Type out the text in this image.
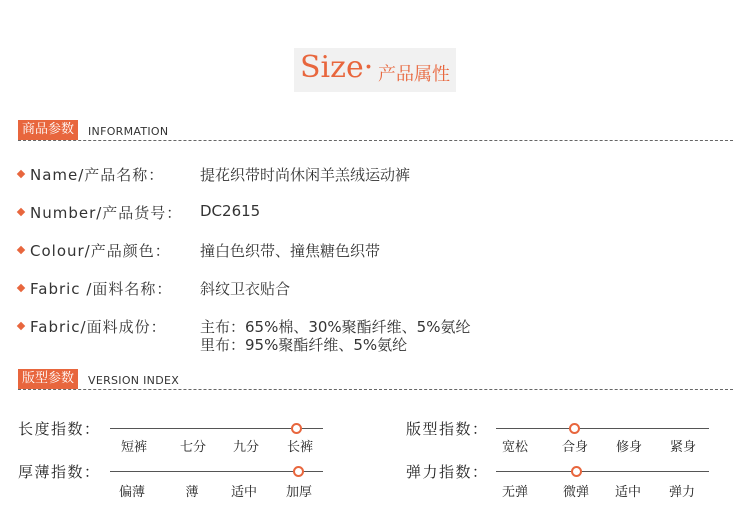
Size· 产品属性
商品参数	INFORMATION
Name/产品名称： 提花织带时尚休闲羊羔绒运动裤
Number/产品货号： DC2615
Colour/产品颜色： 撞白色织带、撞焦糖色织带
Fabric /面料名称： 斜纹卫衣贴合
Fabric/面料成份： 主布：65%棉、30%聚酯纤维、5%氨纶
里布：95%聚酯纤维、5%氨纶
版型参数	VERSION INDEX
长度指数：
短裤	七分	九分	长裤
版型指数：
宽松	合身	修身	紧身
厚薄指数：
偏薄	薄	适中	加厚
弹力指数：
无弹	微弹	适中	弹力
